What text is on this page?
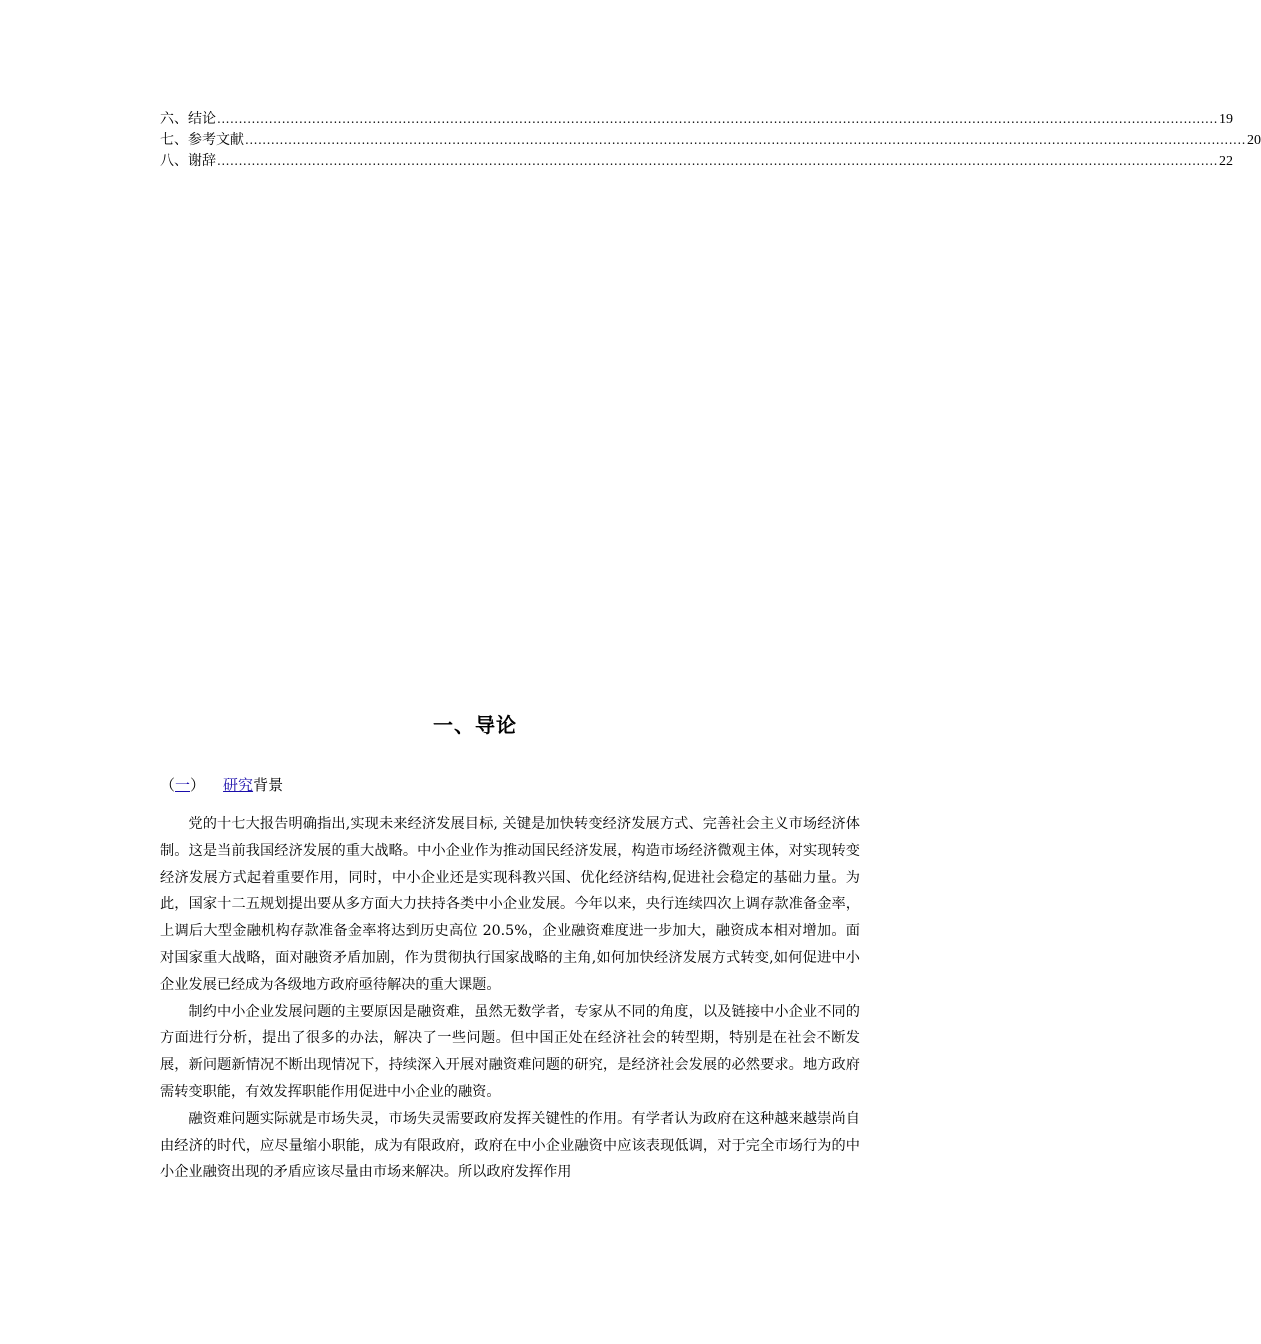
六、结论 ........................................................................................................................................................................................................................................ 19
七、参考文献 ........................................................................................................................................................................................................................................ 20
八、谢辞 ........................................................................................................................................................................................................................................ 22
一、导论
（一） 研究背景

党的十七大报告明确指出,实现未来经济发展目标, 关键是加快转变经济发展方式、完善社会主义市场经济体制。这是当前我国经济发展的重大战略。中小企业作为推动国民经济发展，构造市场经济微观主体，对实现转变经济发展方式起着重要作用，同时，中小企业还是实现科教兴国、优化经济结构,促进社会稳定的基础力量。为此，国家十二五规划提出要从多方面大力扶持各类中小企业发展。今年以来，央行连续四次上调存款准备金率，上调后大型金融机构存款准备金率将达到历史高位 20.5%，企业融资难度进一步加大，融资成本相对增加。面对国家重大战略，面对融资矛盾加剧，作为贯彻执行国家战略的主角,如何加快经济发展方式转变,如何促进中小企业发展已经成为各级地方政府亟待解决的重大课题。

制约中小企业发展问题的主要原因是融资难，虽然无数学者，专家从不同的角度，以及链接中小企业不同的方面进行分析，提出了很多的办法，解决了一些问题。但中国正处在经济社会的转型期，特别是在社会不断发展，新问题新情况不断出现情况下，持续深入开展对融资难问题的研究，是经济社会发展的必然要求。地方政府需转变职能，有效发挥职能作用促进中小企业的融资。

融资难问题实际就是市场失灵，市场失灵需要政府发挥关键性的作用。有学者认为政府在这种越来越崇尚自由经济的时代，应尽量缩小职能，成为有限政府，政府在中小企业融资中应该表现低调，对于完全市场行为的中小企业融资出现的矛盾应该尽量由市场来解决。所以政府发挥作用
